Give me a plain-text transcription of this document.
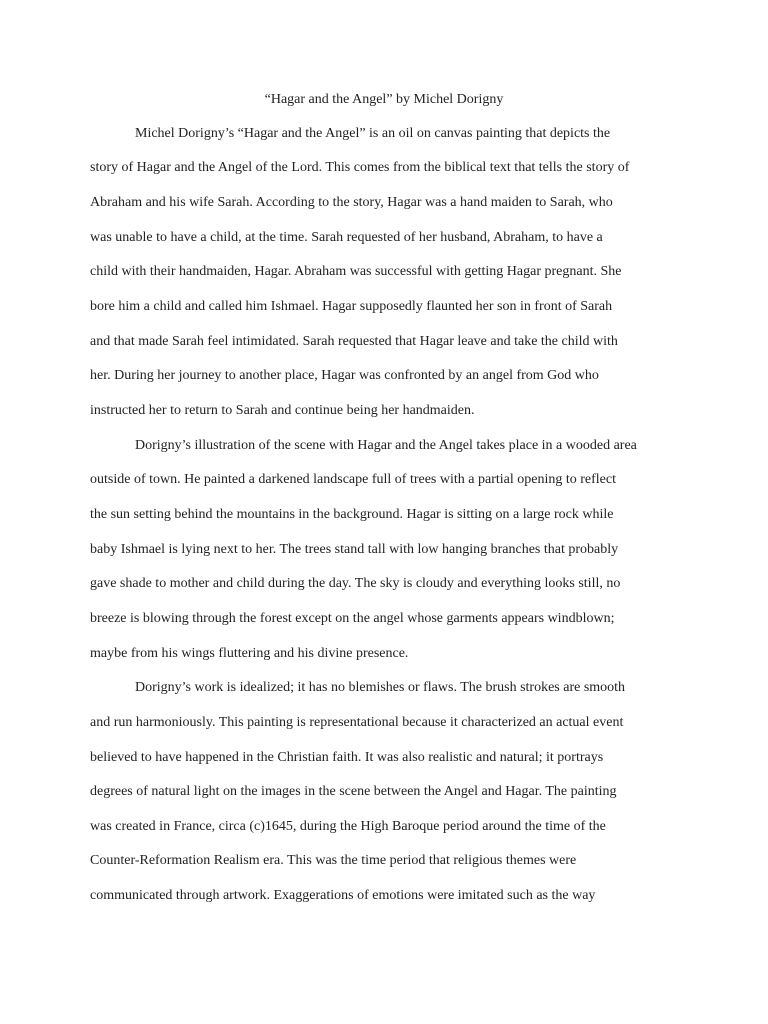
“Hagar and the Angel” by Michel Dorigny
Michel Dorigny’s “Hagar and the Angel” is an oil on canvas painting that depicts the
story of Hagar and the Angel of the Lord. This comes from the biblical text that tells the story of
Abraham and his wife Sarah. According to the story, Hagar was a hand maiden to Sarah, who
was unable to have a child, at the time. Sarah requested of her husband, Abraham, to have a
child with their handmaiden, Hagar. Abraham was successful with getting Hagar pregnant. She
bore him a child and called him Ishmael. Hagar supposedly flaunted her son in front of Sarah
and that made Sarah feel intimidated. Sarah requested that Hagar leave and take the child with
her. During her journey to another place, Hagar was confronted by an angel from God who
instructed her to return to Sarah and continue being her handmaiden.
Dorigny’s illustration of the scene with Hagar and the Angel takes place in a wooded area
outside of town. He painted a darkened landscape full of trees with a partial opening to reflect
the sun setting behind the mountains in the background. Hagar is sitting on a large rock while
baby Ishmael is lying next to her. The trees stand tall with low hanging branches that probably
gave shade to mother and child during the day. The sky is cloudy and everything looks still, no
breeze is blowing through the forest except on the angel whose garments appears windblown;
maybe from his wings fluttering and his divine presence.
Dorigny’s work is idealized; it has no blemishes or flaws. The brush strokes are smooth
and run harmoniously. This painting is representational because it characterized an actual event
believed to have happened in the Christian faith. It was also realistic and natural; it portrays
degrees of natural light on the images in the scene between the Angel and Hagar. The painting
was created in France, circa (c)1645, during the High Baroque period around the time of the
Counter-Reformation Realism era. This was the time period that religious themes were
communicated through artwork. Exaggerations of emotions were imitated such as the way
